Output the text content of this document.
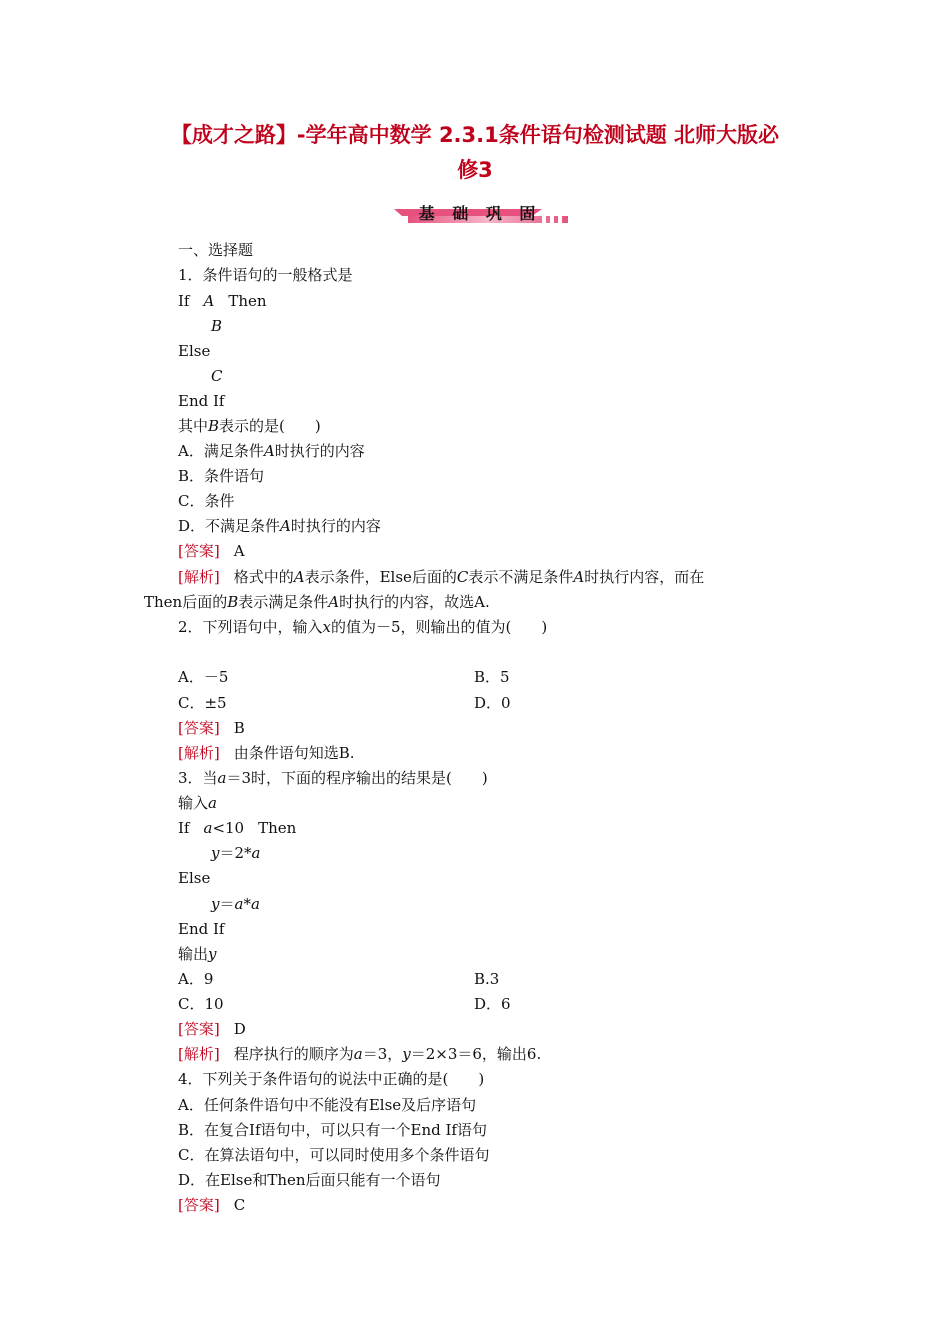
【成才之路】-学年高中数学 2.3.1条件语句检测试题 北师大版必
修3
基 础 巩 固
一、选择题
1．条件语句的一般格式是
If A Then
B
Else
C
End If
其中B表示的是(　　)
A．满足条件A时执行的内容
B．条件语句
C．条件
D．不满足条件A时执行的内容
[答案] A
[解析] 格式中的A表示条件，Else后面的C表示不满足条件A时执行内容，而在
Then后面的B表示满足条件A时执行的内容，故选A.
2．下列语句中，输入x的值为－5，则输出的值为(　　)
A．－5	B．5
C．±5	D．0
[答案] B
[解析] 由条件语句知选B.
3．当a＝3时，下面的程序输出的结果是(　　)
输入a
If a<10 Then
y＝2*a
Else
y＝a*a
End If
输出y
A．9	B.3
C．10	D．6
[答案] D
[解析] 程序执行的顺序为a＝3，y＝2×3＝6，输出6.
4．下列关于条件语句的说法中正确的是(　　)
A．任何条件语句中不能没有Else及后序语句
B．在复合If语句中，可以只有一个End If语句
C．在算法语句中，可以同时使用多个条件语句
D．在Else和Then后面只能有一个语句
[答案] C
